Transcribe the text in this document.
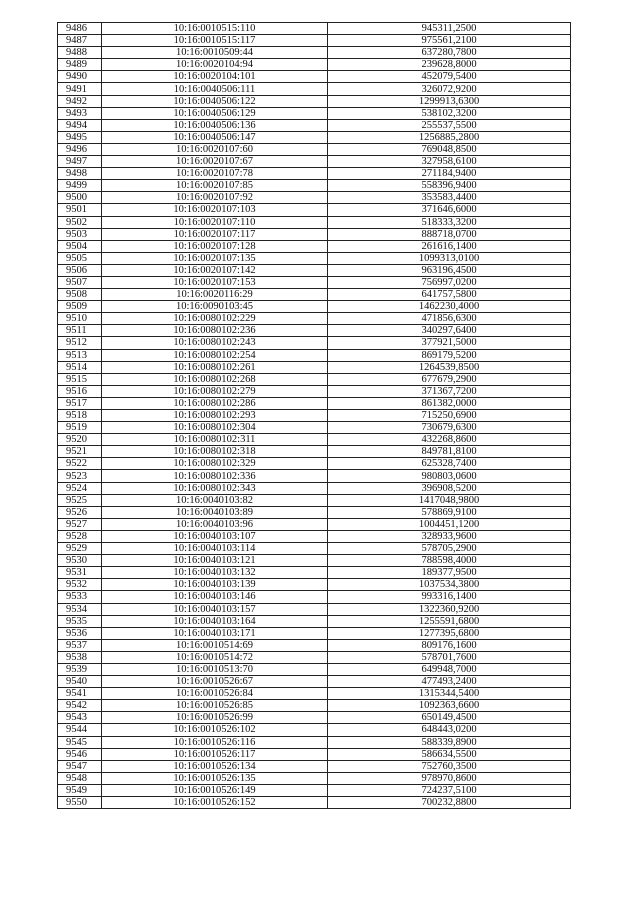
9486	10:16:0010515:110	945311,2500
9487	10:16:0010515:117	975561,2100
9488	10:16:0010509:44	637280,7800
9489	10:16:0020104:94	239628,8000
9490	10:16:0020104:101	452079,5400
9491	10:16:0040506:111	326072,9200
9492	10:16:0040506:122	1299913,6300
9493	10:16:0040506:129	538102,3200
9494	10:16:0040506:136	255537,5500
9495	10:16:0040506:147	1256885,2800
9496	10:16:0020107:60	769048,8500
9497	10:16:0020107:67	327958,6100
9498	10:16:0020107:78	271184,9400
9499	10:16:0020107:85	558396,9400
9500	10:16:0020107:92	353583,4400
9501	10:16:0020107:103	371646,6000
9502	10:16:0020107:110	518333,3200
9503	10:16:0020107:117	888718,0700
9504	10:16:0020107:128	261616,1400
9505	10:16:0020107:135	1099313,0100
9506	10:16:0020107:142	963196,4500
9507	10:16:0020107:153	756997,0200
9508	10:16:0020116:29	641757,5800
9509	10:16:0090103:45	1462230,4000
9510	10:16:0080102:229	471856,6300
9511	10:16:0080102:236	340297,6400
9512	10:16:0080102:243	377921,5000
9513	10:16:0080102:254	869179,5200
9514	10:16:0080102:261	1264539,8500
9515	10:16:0080102:268	677679,2900
9516	10:16:0080102:279	371367,7200
9517	10:16:0080102:286	861382,0000
9518	10:16:0080102:293	715250,6900
9519	10:16:0080102:304	730679,6300
9520	10:16:0080102:311	432268,8600
9521	10:16:0080102:318	849781,8100
9522	10:16:0080102:329	625328,7400
9523	10:16:0080102:336	980803,0600
9524	10:16:0080102:343	396908,5200
9525	10:16:0040103:82	1417048,9800
9526	10:16:0040103:89	578869,9100
9527	10:16:0040103:96	1004451,1200
9528	10:16:0040103:107	328933,9600
9529	10:16:0040103:114	578705,2900
9530	10:16:0040103:121	788598,4000
9531	10:16:0040103:132	189377,9500
9532	10:16:0040103:139	1037534,3800
9533	10:16:0040103:146	993316,1400
9534	10:16:0040103:157	1322360,9200
9535	10:16:0040103:164	1255591,6800
9536	10:16:0040103:171	1277395,6800
9537	10:16:0010514:69	809176,1600
9538	10:16:0010514:72	578701,7600
9539	10:16:0010513:70	649948,7000
9540	10:16:0010526:67	477493,2400
9541	10:16:0010526:84	1315344,5400
9542	10:16:0010526:85	1092363,6600
9543	10:16:0010526:99	650149,4500
9544	10:16:0010526:102	648443,0200
9545	10:16:0010526:116	588339,8900
9546	10:16:0010526:117	586634,5500
9547	10:16:0010526:134	752760,3500
9548	10:16:0010526:135	978970,8600
9549	10:16:0010526:149	724237,5100
9550	10:16:0010526:152	700232,8800
